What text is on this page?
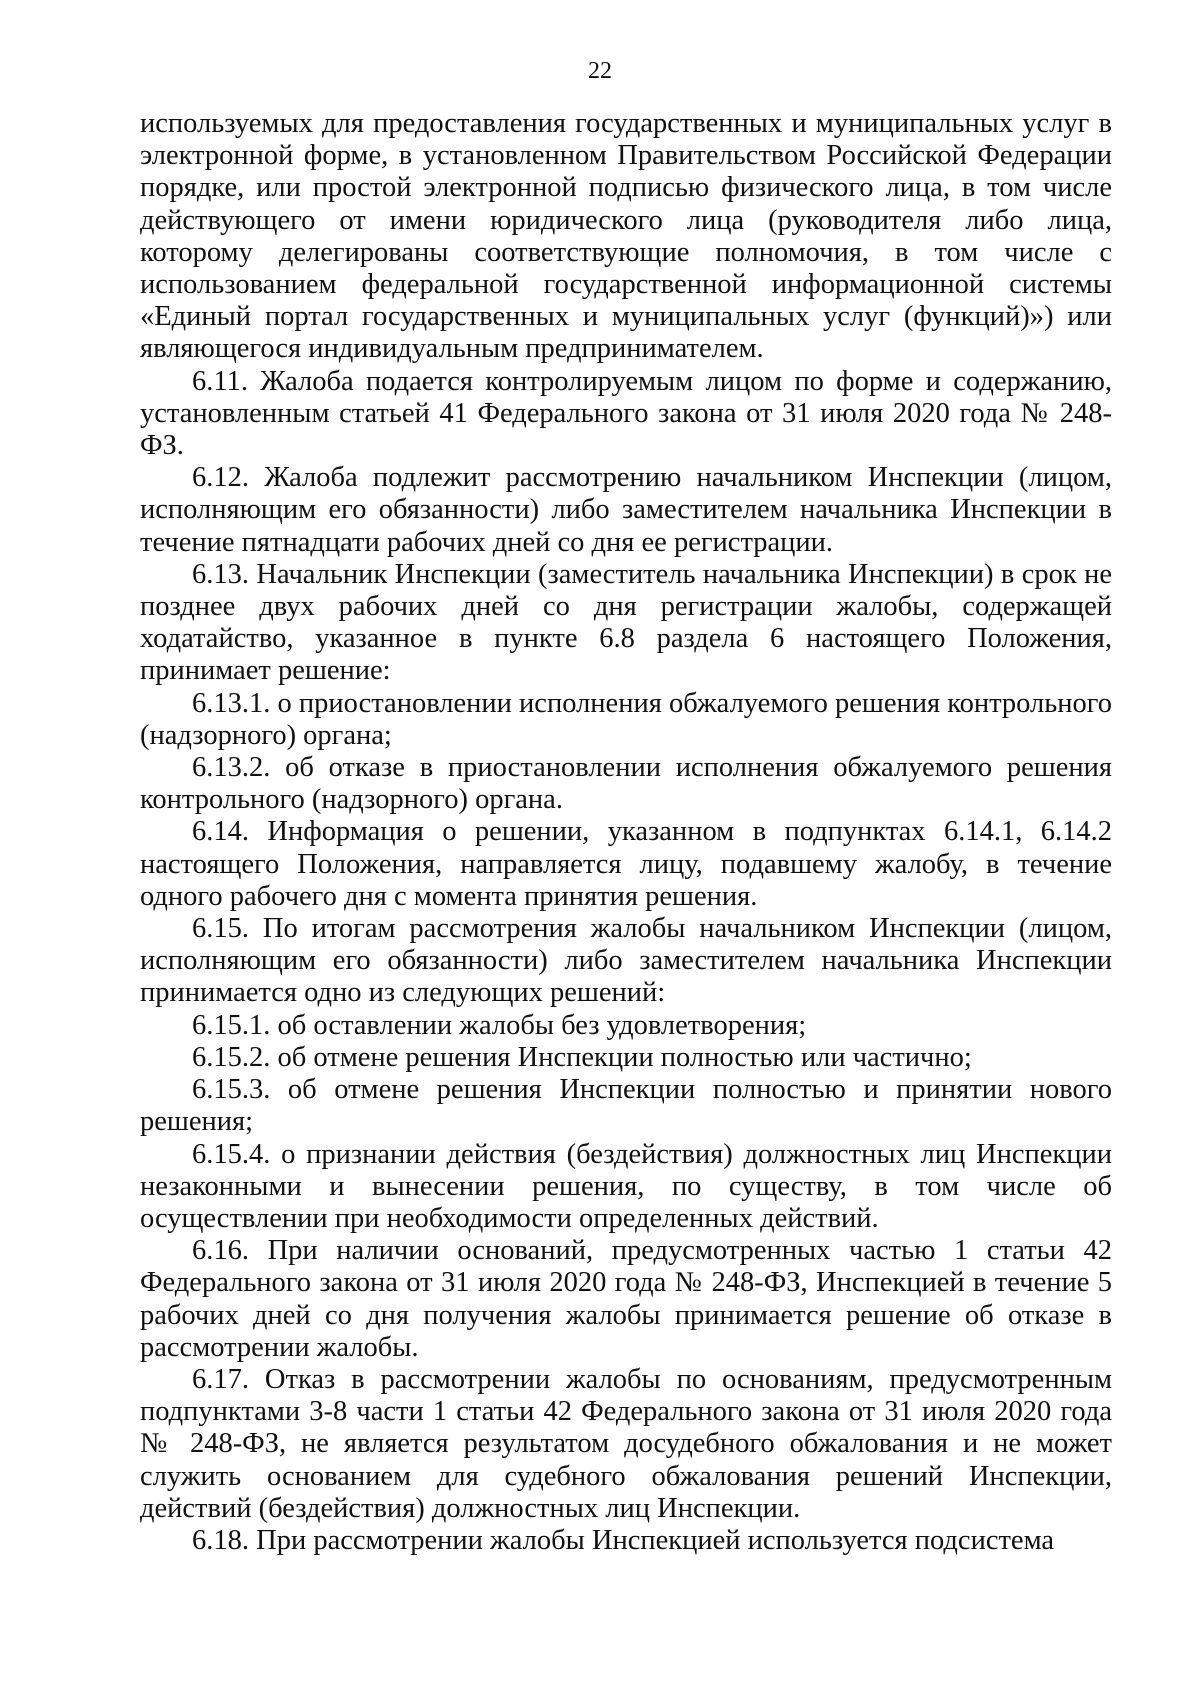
22

используемых для предоставления государственных и муниципальных услуг в электронной форме, в установленном Правительством Российской Федерации порядке, или простой электронной подписью физического лица, в том числе действующего от имени юридического лица (руководителя либо лица, которому делегированы соответствующие полномочия, в том числе с использованием федеральной государственной информационной системы «Единый портал государственных и муниципальных услуг (функций)») или являющегося индивидуальным предпринимателем.

6.11. Жалоба подается контролируемым лицом по форме и содержанию, установленным статьей 41 Федерального закона от 31 июля 2020 года № 248-ФЗ.

6.12. Жалоба подлежит рассмотрению начальником Инспекции (лицом, исполняющим его обязанности) либо заместителем начальника Инспекции в течение пятнадцати рабочих дней со дня ее регистрации.

6.13. Начальник Инспекции (заместитель начальника Инспекции) в срок не позднее двух рабочих дней со дня регистрации жалобы, содержащей ходатайство, указанное в пункте 6.8 раздела 6 настоящего Положения, принимает решение:

6.13.1. о приостановлении исполнения обжалуемого решения контрольного (надзорного) органа;

6.13.2. об отказе в приостановлении исполнения обжалуемого решения контрольного (надзорного) органа.

6.14. Информация о решении, указанном в подпунктах 6.14.1, 6.14.2 настоящего Положения, направляется лицу, подавшему жалобу, в течение одного рабочего дня с момента принятия решения.

6.15. По итогам рассмотрения жалобы начальником Инспекции (лицом, исполняющим его обязанности) либо заместителем начальника Инспекции принимается одно из следующих решений:

6.15.1. об оставлении жалобы без удовлетворения;

6.15.2. об отмене решения Инспекции полностью или частично;

6.15.3. об отмене решения Инспекции полностью и принятии нового решения;

6.15.4. о признании действия (бездействия) должностных лиц Инспекции незаконными и вынесении решения, по существу, в том числе об осуществлении при необходимости определенных действий.

6.16. При наличии оснований, предусмотренных частью 1 статьи 42 Федерального закона от 31 июля 2020 года № 248-ФЗ, Инспекцией в течение 5 рабочих дней со дня получения жалобы принимается решение об отказе в рассмотрении жалобы.

6.17. Отказ в рассмотрении жалобы по основаниям, предусмотренным подпунктами 3-8 части 1 статьи 42 Федерального закона от 31 июля 2020 года № 248-ФЗ, не является результатом досудебного обжалования и не может служить основанием для судебного обжалования решений Инспекции, действий (бездействия) должностных лиц Инспекции.

6.18. При рассмотрении жалобы Инспекцией используется подсистема
